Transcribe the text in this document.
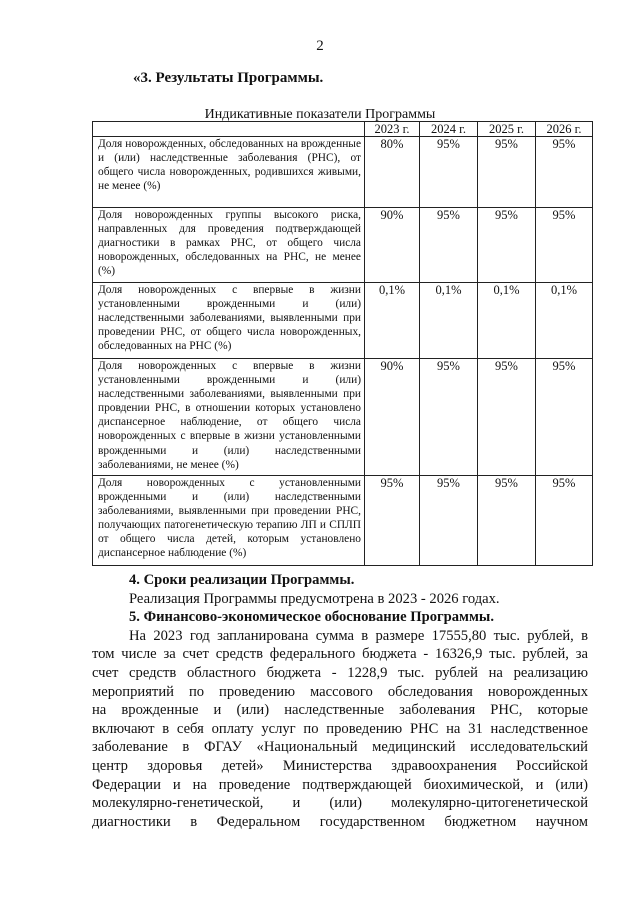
2
«3. Результаты Программы.
Индикативные показатели Программы
	2023 г.	2024 г.	2025 г.	2026 г.
Доля новорожденных, обследованных на врожденные и (или) наследственные заболевания (РНС), от общего числа новорожденных, родившихся живыми, не менее (%)	80%	95%	95%	95%
Доля новорожденных группы высокого риска, направленных для проведения подтверждающей диагностики в рамках РНС, от общего числа новорожденных, обследованных на РНС, не менее (%)	90%	95%	95%	95%
Доля новорожденных с впервые в жизни установленными врожденными и (или) наследственными заболеваниями, выявленными при проведении РНС, от общего числа новорожденных, обследованных на РНС (%)	0,1%	0,1%	0,1%	0,1%
Доля новорожденных с впервые в жизни установленными врожденными и (или) наследственными заболеваниями, выявленными при провдении РНС, в отношении которых установлено диспансерное наблюдение, от общего числа новорожденных с впервые в жизни установленными врожденными и (или) наследственными заболеваниями, не менее (%)	90%	95%	95%	95%
Доля новорожденных с установленными врожденными и (или) наследственными заболеваниями, выявленными при проведении РНС, получающих патогенетическую терапию ЛП и СПЛП от общего числа детей, которым установлено диспансерное наблюдение (%)	95%	95%	95%	95%
4. Сроки реализации Программы.
Реализация Программы предусмотрена в 2023 - 2026 годах.
5. Финансово-экономическое обоснование Программы.
На 2023 год запланирована сумма в размере 17555,80 тыс. рублей, в
том числе за счет средств федерального бюджета - 16326,9 тыс. рублей, за
счет средств областного бюджета - 1228,9 тыс. рублей на реализацию
мероприятий по проведению массового обследования новорожденных
на врожденные и (или) наследственные заболевания РНС, которые
включают в себя оплату услуг по проведению РНС на 31 наследственное
заболевание в ФГАУ «Национальный медицинский исследовательский
центр здоровья детей» Министерства здравоохранения Российской
Федерации и на проведение подтверждающей биохимической, и (или)
молекулярно-генетической, и (или) молекулярно-цитогенетической
диагностики в Федеральном государственном бюджетном научном
